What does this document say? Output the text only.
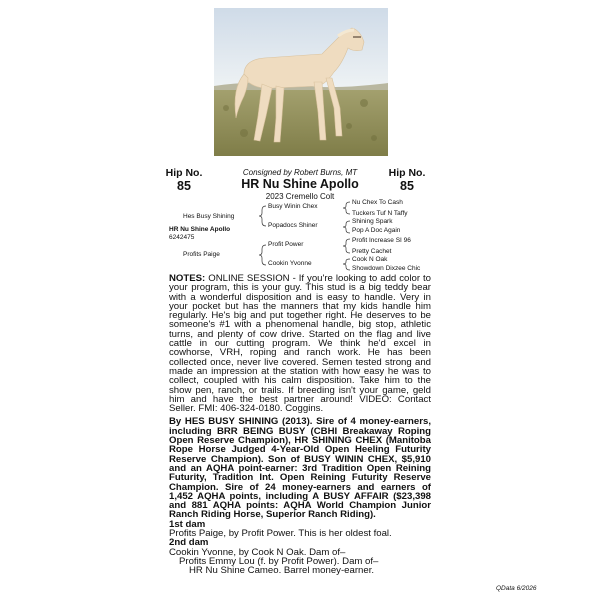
Hip No.
85
Hip No.
85
Consigned by Robert Burns, MT
HR Nu Shine Apollo
2023 Cremello Colt
Hes Busy Shining
HR Nu Shine Apollo
6242475
Profits Paige
Busy Winin Chex
Popadocs Shiner
Profit Power
Cookin Yvonne
Nu Chex To Cash
Tuckers Tuf N Taffy
Shining Spark
Pop A Doc Again
Profit Increase SI 96
Pretty Cachet
Cook N Oak
Showdown Dixzee Chic

NOTES: ONLINE SESSION - If you're looking to add color to your program, this is your guy. This stud is a big teddy bear with a wonderful disposition and is easy to handle. Very in your pocket but has the manners that my kids handle him regularly. He's big and put together right. He deserves to be someone's #1 with a phenomenal handle, big stop, athletic turns, and plenty of cow drive. Started on the flag and live cattle in our cutting program. We think he'd excel in cowhorse, VRH, roping and ranch work. He has been collected once, never live covered. Semen tested strong and made an impression at the station with how easy he was to collect, coupled with his calm disposition. Take him to the show pen, ranch, or trails. If breeding isn't your game, geld him and have the best partner around! VIDEO: Contact Seller. FMI: 406-324-0180. Coggins.

By HES BUSY SHINING (2013). Sire of 4 money-earners, including BRR BEING BUSY (CBHI Breakaway Roping Open Reserve Champion), HR SHINING CHEX (Manitoba Rope Horse Judged 4-Year-Old Open Heeling Futurity Reserve Champion). Son of BUSY WININ CHEX, $5,910 and an AQHA point-earner: 3rd Tradition Open Reining Futurity, Tradition Int. Open Reining Futurity Reserve Champion. Sire of 24 money-earners and earners of 1,452 AQHA points, including A BUSY AFFAIR ($23,398 and 881 AQHA points: AQHA World Champion Junior Ranch Riding Horse, Superior Ranch Riding).

1st dam

Profits Paige, by Profit Power. This is her oldest foal.

2nd dam

Cookin Yvonne, by Cook N Oak. Dam of–

Profits Emmy Lou (f. by Profit Power). Dam of–

HR Nu Shine Cameo. Barrel money-earner.

QData 6/2026
